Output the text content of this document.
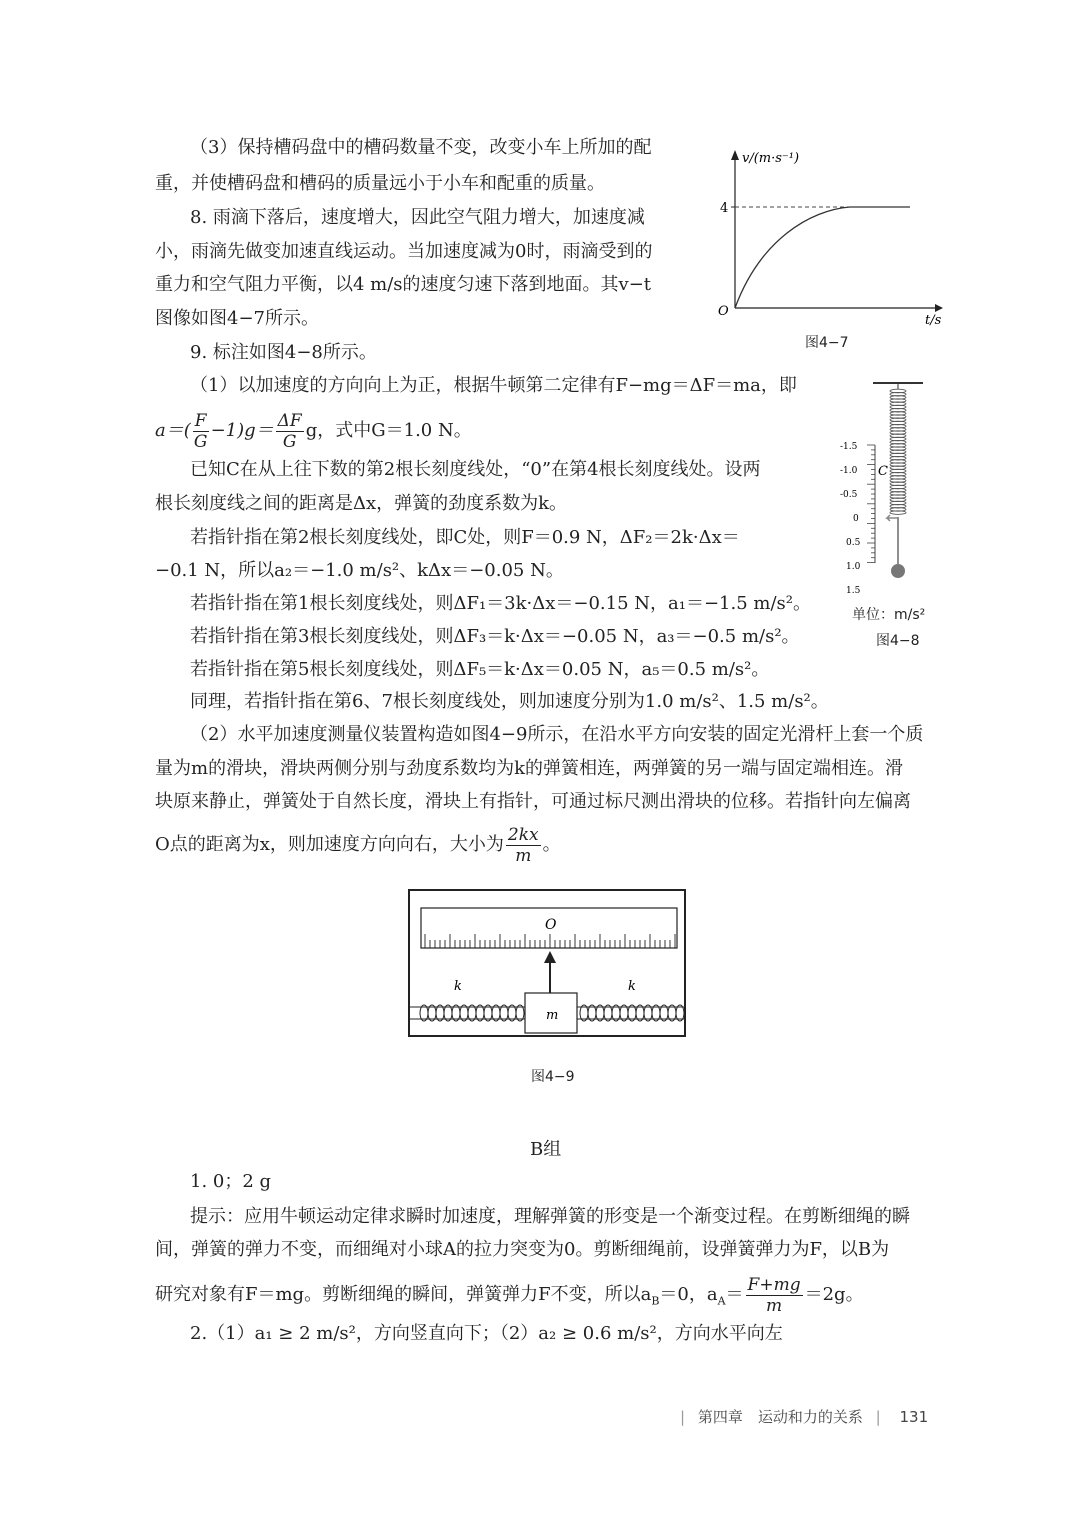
（3）保持槽码盘中的槽码数量不变，改变小车上所加的配
重，并使槽码盘和槽码的质量远小于小车和配重的质量。
8. 雨滴下落后，速度增大，因此空气阻力增大，加速度减
小，雨滴先做变加速直线运动。当加速度减为0时，雨滴受到的
重力和空气阻力平衡，以4 m/s的速度匀速下落到地面。其v−t
图像如图4−7所示。
9. 标注如图4−8所示。
（1）以加速度的方向向上为正，根据牛顿第二定律有F−mg＝ΔF＝ma，即
$a=( \frac{F}{G} -1)g= \frac{\Delta F}{G}$ g，式中G＝1.0 N。
已知C在从上往下数的第2根长刻度线处，“0”在第4根长刻度线处。设两
根长刻度线之间的距离是Δx，弹簧的劲度系数为k。
若指针指在第2根长刻度线处，即C处，则F＝0.9 N，ΔF₂＝2k·Δx＝
−0.1 N，所以a₂＝−1.0 m/s²、kΔx＝−0.05 N。
若指针指在第1根长刻度线处，则ΔF₁＝3k·Δx＝−0.15 N，a₁＝−1.5 m/s²。
若指针指在第3根长刻度线处，则ΔF₃＝k·Δx＝−0.05 N，a₃＝−0.5 m/s²。
若指针指在第5根长刻度线处，则ΔF₅＝k·Δx＝0.05 N，a₅＝0.5 m/s²。
同理，若指针指在第6、7根长刻度线处，则加速度分别为1.0 m/s²、1.5 m/s²。
（2）水平加速度测量仪装置构造如图4−9所示，在沿水平方向安装的固定光滑杆上套一个质
量为m的滑块，滑块两侧分别与劲度系数均为k的弹簧相连，两弹簧的另一端与固定端相连。滑
块原来静止，弹簧处于自然长度，滑块上有指针，可通过标尺测出滑块的位移。若指针向左偏离
O点的距离为x，则加速度方向向右，大小为 $\frac{2kx}{m}$ 。
v/(m·s⁻¹)
4
O
t/s
图4−7
C
-1.5
-1.0
-0.5
0
0.5
1.0
1.5
单位：m/s²
图4−8
O
m
k	k
图4−9
B组
1. 0；2 g
提示：应用牛顿运动定律求瞬时加速度，理解弹簧的形变是一个渐变过程。在剪断细绳的瞬
间，弹簧的弹力不变，而细绳对小球A的拉力突变为0。剪断细绳前，设弹簧弹力为F，以B为
研究对象有F＝mg。剪断细绳的瞬间，弹簧弹力F不变，所以$a_B=0$，$a_A= \frac{F+mg}{m} =2g$。
2.（1）a₁ ≥ 2 m/s²，方向竖直向下；（2）a₂ ≥ 0.6 m/s²，方向水平向左
| 第四章　运动和力的关系 | 131
